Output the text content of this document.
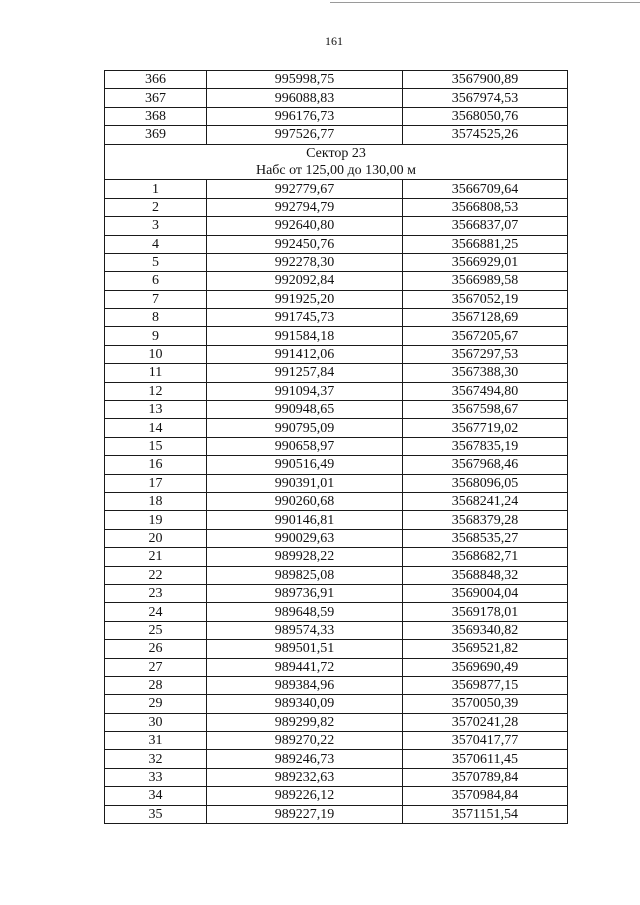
161
366	995998,75	3567900,89
367	996088,83	3567974,53
368	996176,73	3568050,76
369	997526,77	3574525,26

Сектор 23
Набс от 125,00 до 130,00 м		

1	992779,67	3566709,64
2	992794,79	3566808,53
3	992640,80	3566837,07
4	992450,76	3566881,25
5	992278,30	3566929,01
6	992092,84	3566989,58
7	991925,20	3567052,19
8	991745,73	3567128,69
9	991584,18	3567205,67
10	991412,06	3567297,53
11	991257,84	3567388,30
12	991094,37	3567494,80
13	990948,65	3567598,67
14	990795,09	3567719,02
15	990658,97	3567835,19
16	990516,49	3567968,46
17	990391,01	3568096,05
18	990260,68	3568241,24
19	990146,81	3568379,28
20	990029,63	3568535,27
21	989928,22	3568682,71
22	989825,08	3568848,32
23	989736,91	3569004,04
24	989648,59	3569178,01
25	989574,33	3569340,82
26	989501,51	3569521,82
27	989441,72	3569690,49
28	989384,96	3569877,15
29	989340,09	3570050,39
30	989299,82	3570241,28
31	989270,22	3570417,77
32	989246,73	3570611,45
33	989232,63	3570789,84
34	989226,12	3570984,84
35	989227,19	3571151,54
